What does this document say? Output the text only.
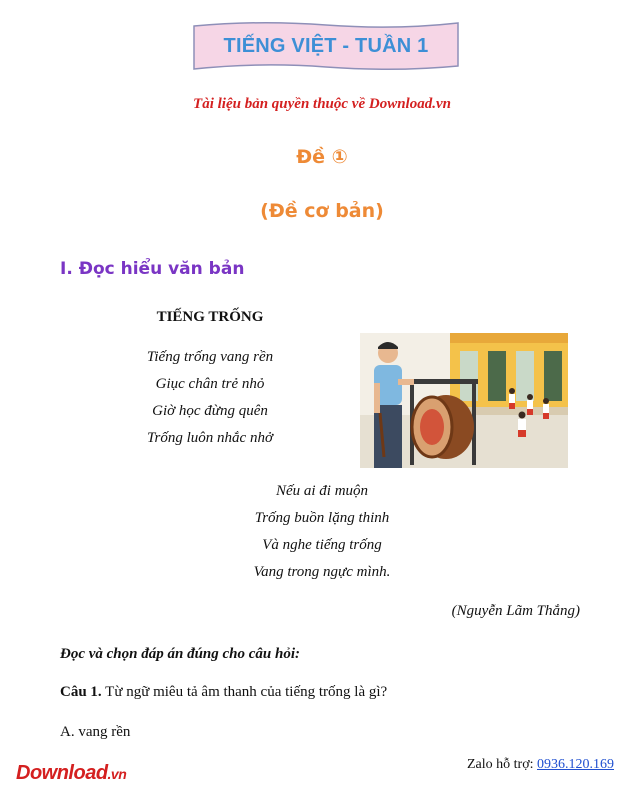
TIẾNG VIỆT - TUẦN 1
Tài liệu bản quyền thuộc về Download.vn
Đề ①
(Đề cơ bản)
I. Đọc hiểu văn bản
TIẾNG TRỐNG
Tiếng trống vang rền
Giục chân trẻ nhỏ
Giờ học đừng quên
Trống luôn nhắc nhở
Nếu ai đi muộn
Trống buồn lặng thinh
Và nghe tiếng trống
Vang trong ngực mình.
(Nguyễn Lãm Thắng)
Đọc và chọn đáp án đúng cho câu hỏi:
Câu 1. Từ ngữ miêu tả âm thanh của tiếng trống là gì?
A. vang rền
Download.vn
Zalo hỗ trợ: 0936.120.169
